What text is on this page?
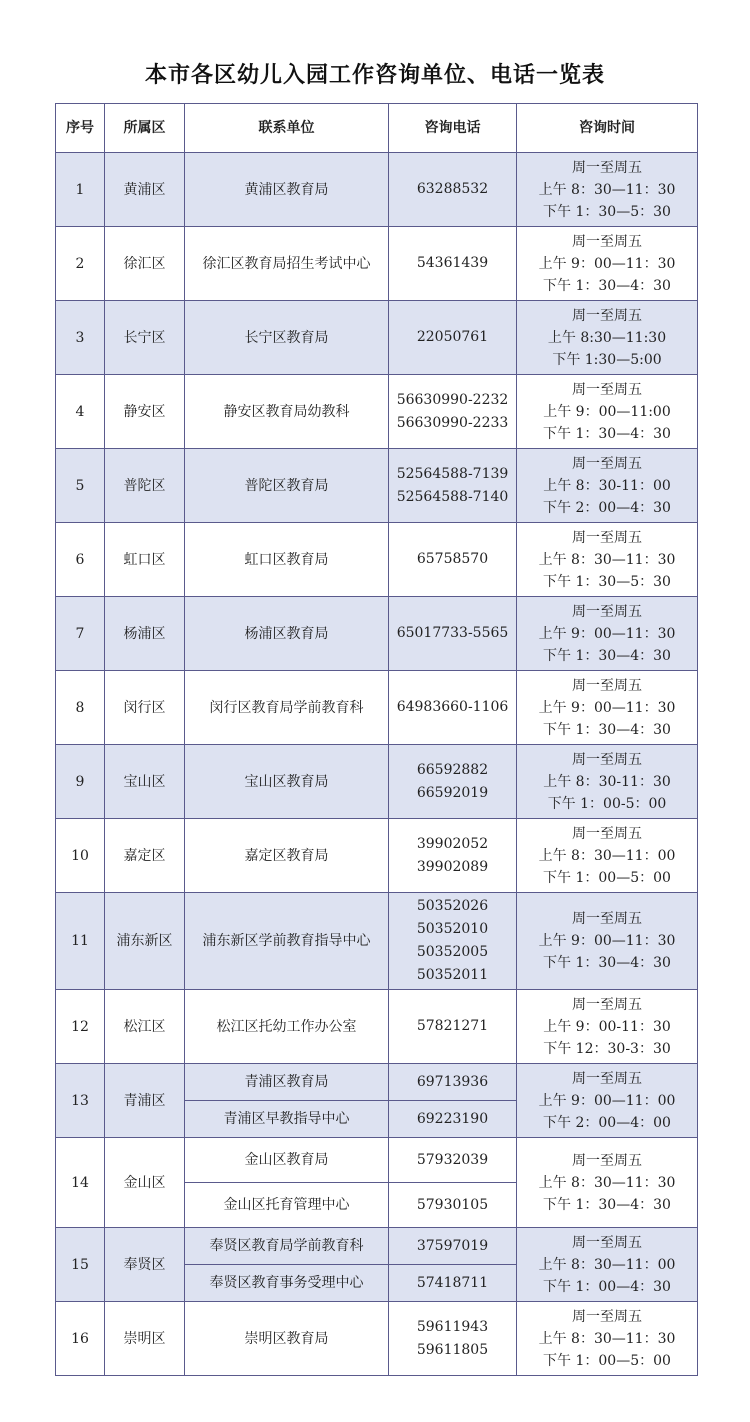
本市各区幼儿入园工作咨询单位、电话一览表
序号	所属区	联系单位	咨询电话	咨询时间
1	黄浦区	黄浦区教育局	63288532	周一至周五
上午 8：30—11：30
下午 1：30—5：30

2	徐汇区	徐汇区教育局招生考试中心	54361439	周一至周五
上午 9：00—11：30
下午 1：30—4：30

3	长宁区	长宁区教育局	22050761	周一至周五
上午 8:30—11:30
下午 1:30—5:00

4	静安区	静安区教育局幼教科	56630990-2232
56630990-2233	周一至周五
上午 9：00—11:00
下午 1：30—4：30

5	普陀区	普陀区教育局	52564588-7139
52564588-7140	周一至周五
上午 8：30-11：00
下午 2：00—4：30

6	虹口区	虹口区教育局	65758570	周一至周五
上午 8：30—11：30
下午 1：30—5：30

7	杨浦区	杨浦区教育局	65017733-5565	周一至周五
上午 9：00—11：30
下午 1：30—4：30

8	闵行区	闵行区教育局学前教育科	64983660-1106	周一至周五
上午 9：00—11：30
下午 1：30—4：30

9	宝山区	宝山区教育局	66592882
66592019	周一至周五
上午 8：30-11：30
下午 1：00-5：00

10	嘉定区	嘉定区教育局	39902052
39902089	周一至周五
上午 8：30—11：00
下午 1：00—5：00

11	浦东新区	浦东新区学前教育指导中心	50352026
50352010
50352005
50352011	周一至周五
上午 9：00—11：30
下午 1：30—4：30

12	松江区	松江区托幼工作办公室	57821271	周一至周五
上午 9：00-11：30
下午 12：30-3：30

13	青浦区	青浦区教育局	69713936	周一至周五
上午 9：00—11：00
下午 2：00—4：00

		青浦区早教指导中心	69223190	

14	金山区	金山区教育局	57932039	周一至周五
上午 8：30—11：30
下午 1：30—4：30

		金山区托育管理中心	57930105	

15	奉贤区	奉贤区教育局学前教育科	37597019	周一至周五
上午 8：30—11：00
下午 1：00—4：30

		奉贤区教育事务受理中心	57418711	

16	崇明区	崇明区教育局	59611943
59611805	周一至周五
上午 8：30—11：30
下午 1：00—5：00
